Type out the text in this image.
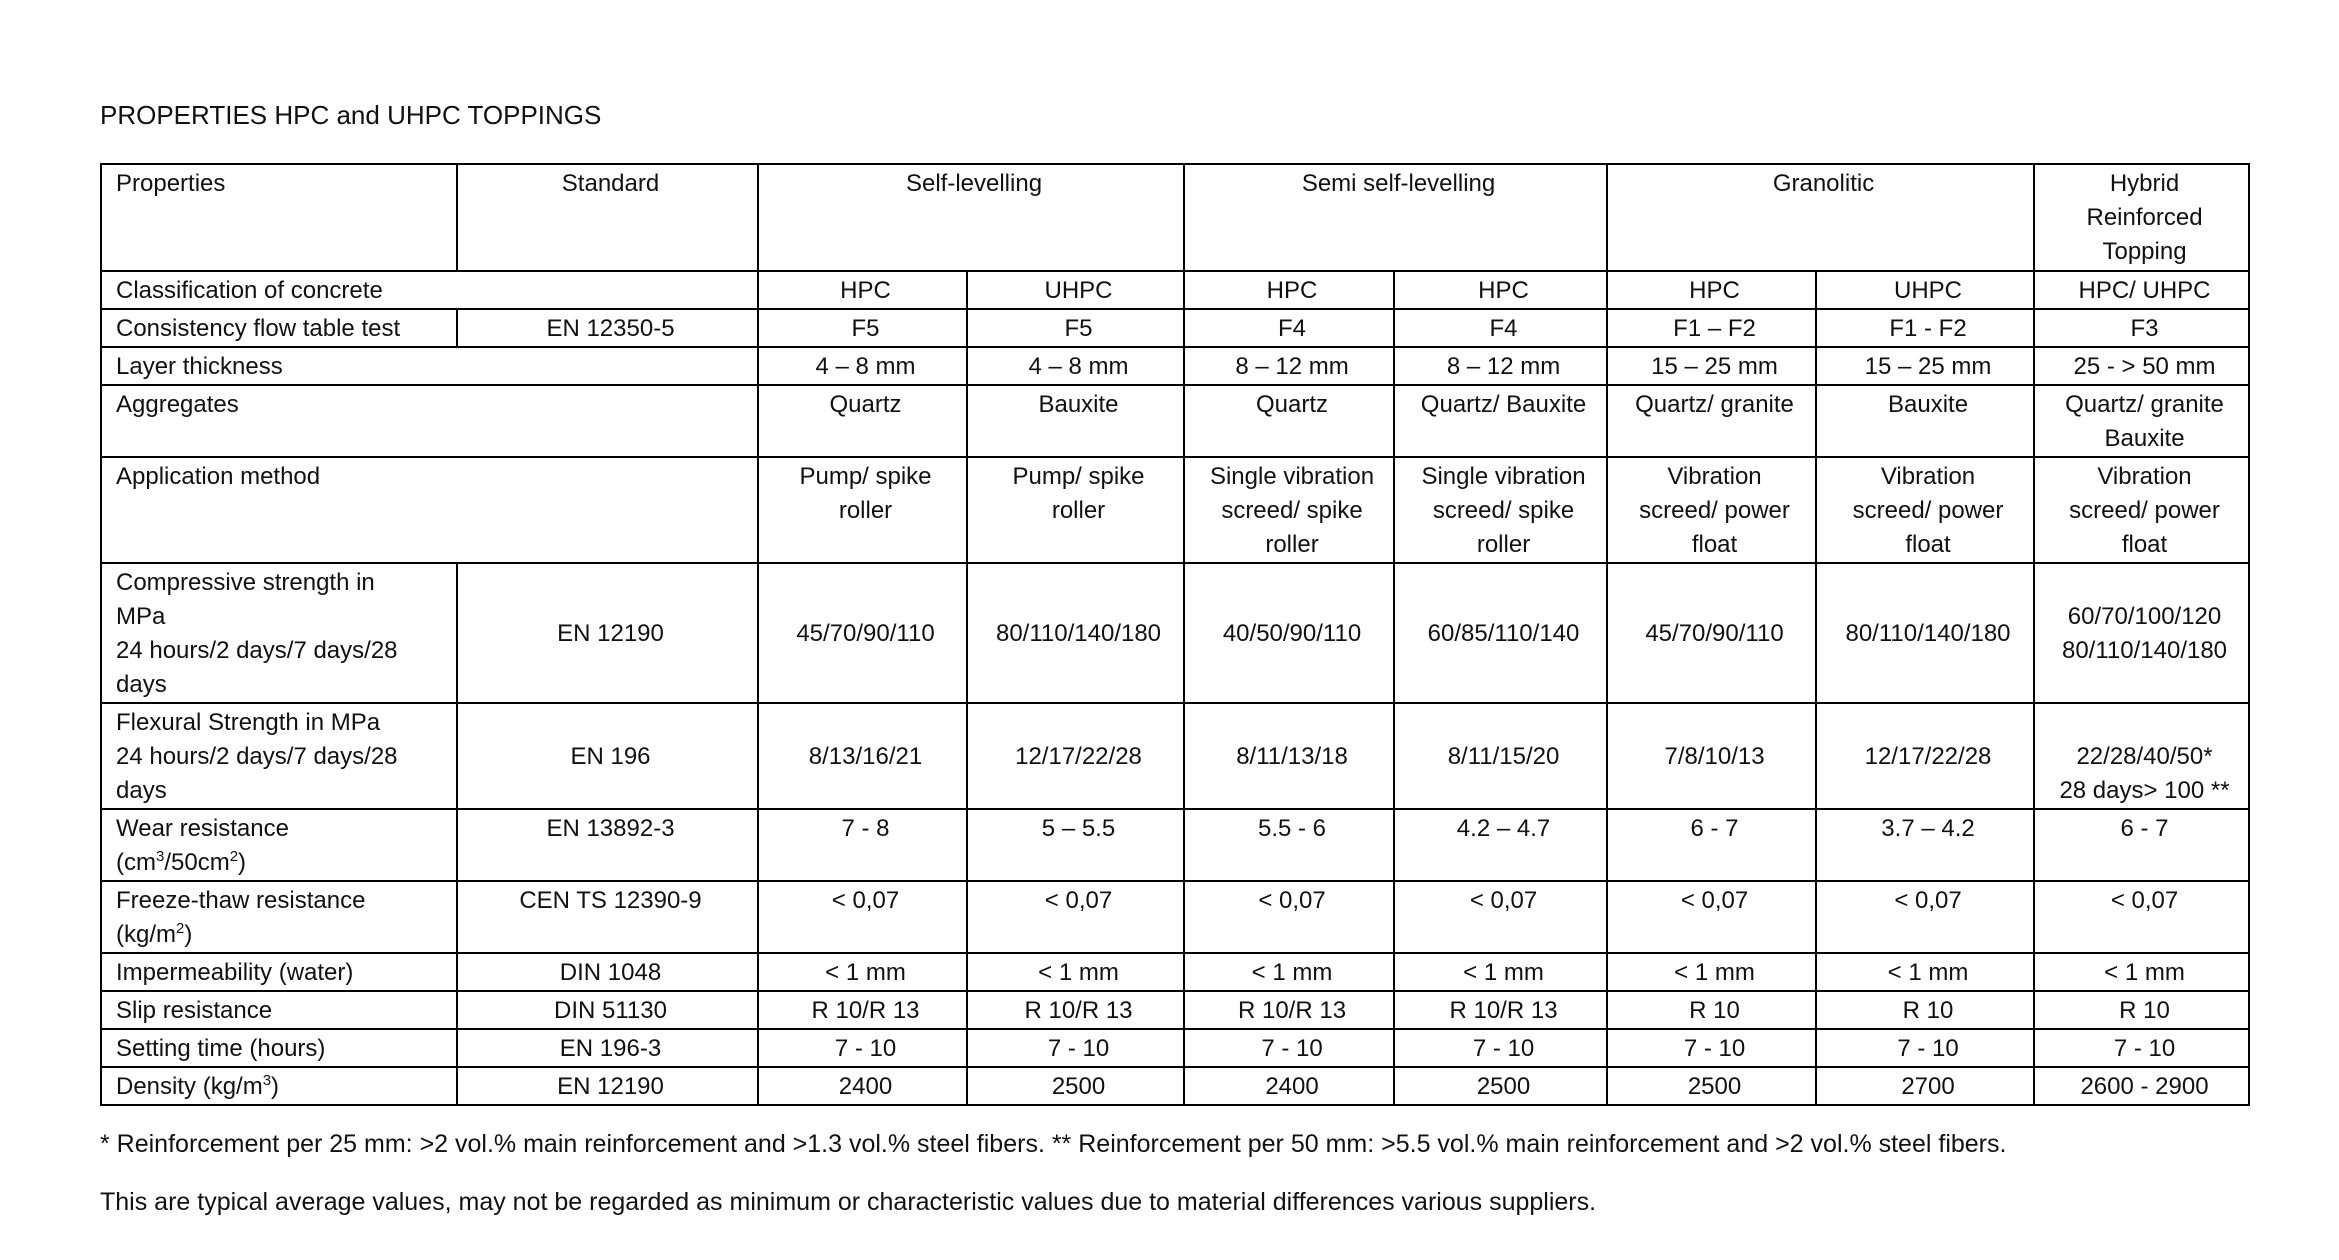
PROPERTIES HPC and UHPC TOPPINGS
Properties	Standard	Self-levelling		Semi self-levelling		Granolitic		Hybrid
Reinforced
Topping

Classification of concrete		HPC	UHPC	HPC	HPC	HPC	UHPC	HPC/ UHPC
Consistency flow table test	EN 12350-5	F5	F5	F4	F4	F1 – F2	F1 - F2	F3
Layer thickness		4 – 8 mm	4 – 8 mm	8 – 12 mm	8 – 12 mm	15 – 25 mm	15 – 25 mm	25 - > 50 mm
Aggregates		Quartz	Bauxite	Quartz	Quartz/ Bauxite	Quartz/ granite	Bauxite	Quartz/ granite
Bauxite

Application method		Pump/ spike
roller	Pump/ spike
roller	Single vibration
screed/ spike
roller	Single vibration
screed/ spike
roller	Vibration
screed/ power
float	Vibration
screed/ power
float	Vibration
screed/ power
float

Compressive strength in
MPa
24 hours/2 days/7 days/28
days	EN 12190	45/70/90/110	80/110/140/180	40/50/90/110	60/85/110/140	45/70/90/110	80/110/140/180	60/70/100/120
80/110/140/180

Flexural Strength in MPa
24 hours/2 days/7 days/28
days	EN 196	8/13/16/21	12/17/22/28	8/11/13/18	8/11/15/20	7/8/10/13	12/17/22/28	22/28/40/50*
28 days> 100 **

Wear resistance
$(cm^3/50cm^2)$	EN 13892-3	7 - 8	5 – 5.5	5.5 - 6	4.2 – 4.7	6 - 7	3.7 – 4.2	6 - 7

Freeze-thaw resistance
$(kg/m^2)$	CEN TS 12390-9	< 0,07	< 0,07	< 0,07	< 0,07	< 0,07	< 0,07	< 0,07
Impermeability (water)	DIN 1048	< 1 mm	< 1 mm	< 1 mm	< 1 mm	< 1 mm	< 1 mm	< 1 mm
Slip resistance	DIN 51130	R 10/R 13	R 10/R 13	R 10/R 13	R 10/R 13	R 10	R 10	R 10
Setting time (hours)	EN 196-3	7 - 10	7 - 10	7 - 10	7 - 10	7 - 10	7 - 10	7 - 10
Density $(kg/m^3)$	EN 12190	2400	2500	2400	2500	2500	2700	2600 - 2900
* Reinforcement per 25 mm: >2 vol.% main reinforcement and >1.3 vol.% steel fibers. ** Reinforcement per 50 mm: >5.5 vol.% main reinforcement and >2 vol.% steel fibers.
This are typical average values, may not be regarded as minimum or characteristic values due to material differences various suppliers.
